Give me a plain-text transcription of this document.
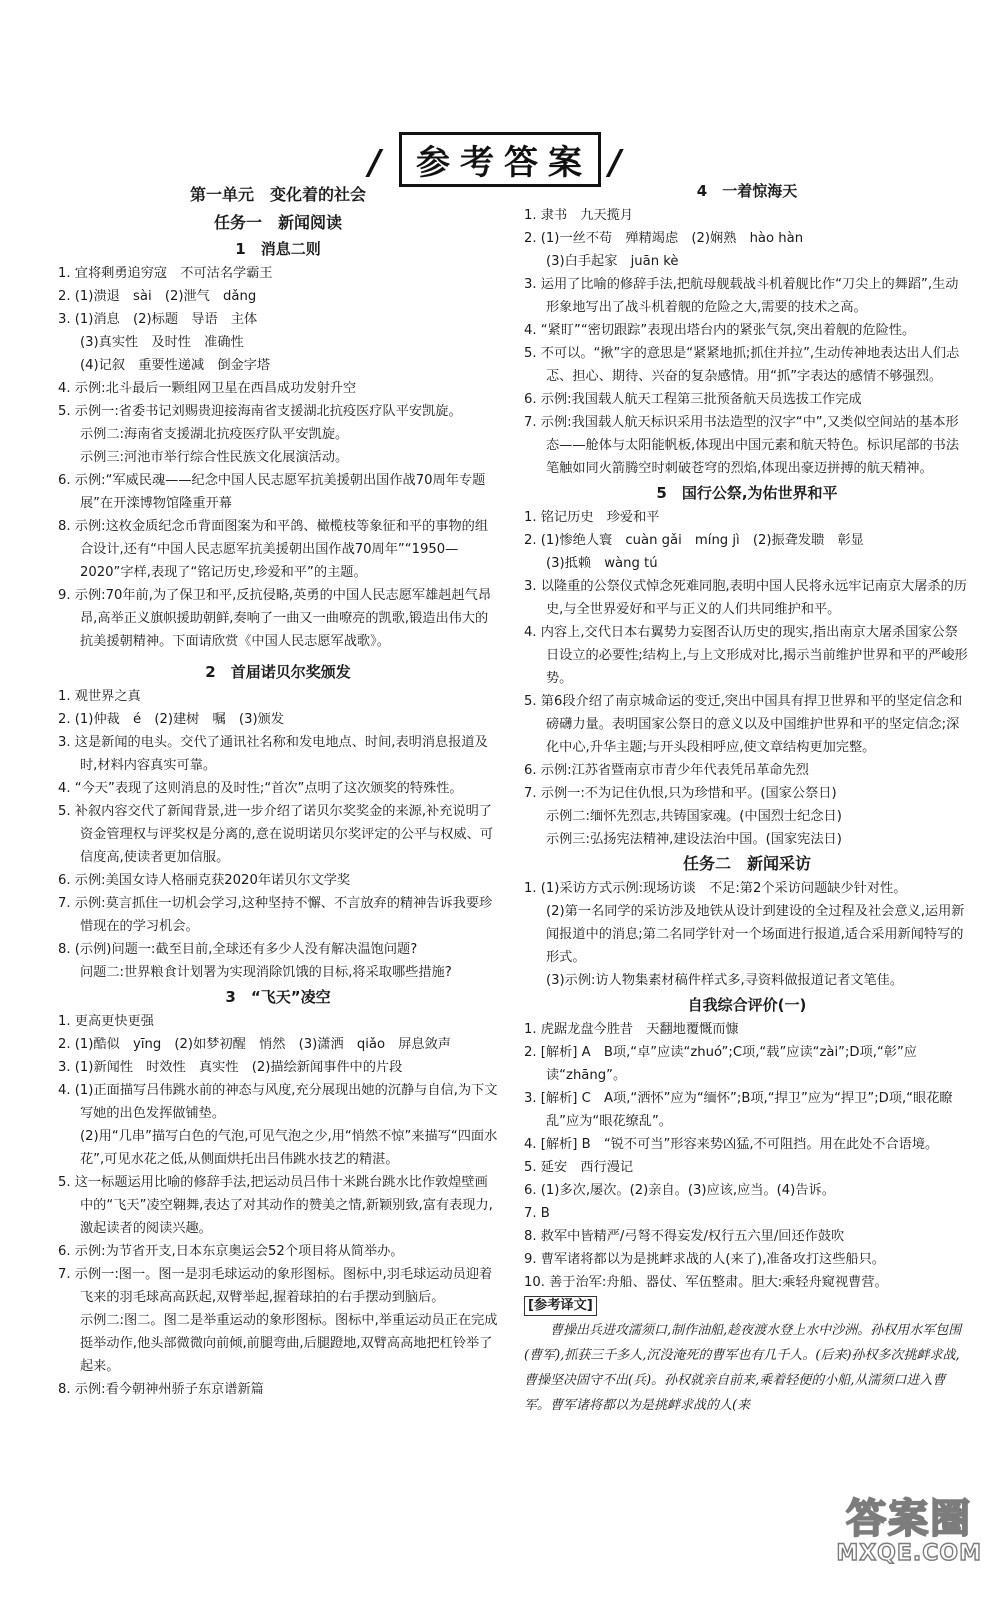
/ 参考答案 /
第一单元　变化着的社会
任务一　新闻阅读
1　消息二则

1. 宜将剩勇追穷寇　不可沽名学霸王

2. (1)溃退　sài　(2)泄气　dǎng

3. (1)消息　(2)标题　导语　主体

(3)真实性　及时性　准确性

(4)记叙　重要性递减　倒金字塔

4. 示例:北斗最后一颗组网卫星在西昌成功发射升空

5. 示例一:省委书记刘赐贵迎接海南省支援湖北抗疫医疗队平安凯旋。

示例二:海南省支援湖北抗疫医疗队平安凯旋。

示例三:河池市举行综合性民族文化展演活动。

6. 示例:“军威民魂——纪念中国人民志愿军抗美援朝出国作战70周年专题展”在开滦博物馆隆重开幕

8. 示例:这枚金质纪念币背面图案为和平鸽、橄榄枝等象征和平的事物的组合设计,还有“中国人民志愿军抗美援朝出国作战70周年”“1950—2020”字样,表现了“铭记历史,珍爱和平”的主题。

9. 示例:70年前,为了保卫和平,反抗侵略,英勇的中国人民志愿军雄赳赳气昂昂,高举正义旗帜援助朝鲜,奏响了一曲又一曲嘹亮的凯歌,锻造出伟大的抗美援朝精神。下面请欣赏《中国人民志愿军战歌》。

2　首届诺贝尔奖颁发

1. 观世界之真

2. (1)仲裁　é　(2)建树　嘱　(3)颁发

3. 这是新闻的电头。交代了通讯社名称和发电地点、时间,表明消息报道及时,材料内容真实可靠。

4. “今天”表现了这则消息的及时性;“首次”点明了这次颁奖的特殊性。

5. 补叙内容交代了新闻背景,进一步介绍了诺贝尔奖奖金的来源,补充说明了资金管理权与评奖权是分离的,意在说明诺贝尔奖评定的公平与权威、可信度高,使读者更加信服。

6. 示例:美国女诗人格丽克获2020年诺贝尔文学奖

7. 示例:莫言抓住一切机会学习,这种坚持不懈、不言放弃的精神告诉我要珍惜现在的学习机会。

8. (示例)问题一:截至目前,全球还有多少人没有解决温饱问题?

问题二:世界粮食计划署为实现消除饥饿的目标,将采取哪些措施?

3　“飞天”凌空

1. 更高更快更强

2. (1)酷似　yīng　(2)如梦初醒　悄然　(3)潇洒　qiǎo　屏息敛声

3. (1)新闻性　时效性　真实性　(2)描绘新闻事件中的片段

4. (1)正面描写吕伟跳水前的神态与风度,充分展现出她的沉静与自信,为下文写她的出色发挥做铺垫。

(2)用“几串”描写白色的气泡,可见气泡之少,用“悄然不惊”来描写“四面水花”,可见水花之低,从侧面烘托出吕伟跳水技艺的精湛。

5. 这一标题运用比喻的修辞手法,把运动员吕伟十米跳台跳水比作敦煌壁画中的“飞天”凌空翱舞,表达了对其动作的赞美之情,新颖别致,富有表现力,激起读者的阅读兴趣。

6. 示例:为节省开支,日本东京奥运会52个项目将从简举办。

7. 示例一:图一。图一是羽毛球运动的象形图标。图标中,羽毛球运动员迎着飞来的羽毛球高高跃起,双臂举起,握着球拍的右手摆动到脑后。

示例二:图二。图二是举重运动的象形图标。图标中,举重运动员正在完成挺举动作,他头部微微向前倾,前腿弯曲,后腿蹬地,双臂高高地把杠铃举了起来。

8. 示例:看今朝神州骄子东京谱新篇

4　一着惊海天

1. 隶书　九天揽月

2. (1)一丝不苟　殚精竭虑　(2)娴熟　hào hàn

(3)白手起家　juān kè

3. 运用了比喻的修辞手法,把航母舰载战斗机着舰比作“刀尖上的舞蹈”,生动形象地写出了战斗机着舰的危险之大,需要的技术之高。

4. “紧盯”“密切跟踪”表现出塔台内的紧张气氛,突出着舰的危险性。

5. 不可以。“揪”字的意思是“紧紧地抓;抓住并拉”,生动传神地表达出人们忐忑、担心、期待、兴奋的复杂感情。用“抓”字表达的感情不够强烈。

6. 示例:我国载人航天工程第三批预备航天员选拔工作完成

7. 示例:我国载人航天标识采用书法造型的汉字“中”,又类似空间站的基本形态——舱体与太阳能帆板,体现出中国元素和航天特色。标识尾部的书法笔触如同火箭腾空时刺破苍穹的烈焰,体现出豪迈拼搏的航天精神。

5　国行公祭,为佑世界和平

1. 铭记历史　珍爱和平

2. (1)惨绝人寰　cuàn gǎi　míng jì　(2)振聋发聩　彰显

(3)抵赖　wàng tú

3. 以隆重的公祭仪式悼念死难同胞,表明中国人民将永远牢记南京大屠杀的历史,与全世界爱好和平与正义的人们共同维护和平。

4. 内容上,交代日本右翼势力妄图否认历史的现实,指出南京大屠杀国家公祭日设立的必要性;结构上,与上文形成对比,揭示当前维护世界和平的严峻形势。

5. 第6段介绍了南京城命运的变迁,突出中国具有捍卫世界和平的坚定信念和磅礴力量。表明国家公祭日的意义以及中国维护世界和平的坚定信念;深化中心,升华主题;与开头段相呼应,使文章结构更加完整。

6. 示例:江苏省暨南京市青少年代表凭吊革命先烈

7. 示例一:不为记住仇恨,只为珍惜和平。(国家公祭日)

示例二:缅怀先烈志,共铸国家魂。(中国烈士纪念日)

示例三:弘扬宪法精神,建设法治中国。(国家宪法日)

任务二　新闻采访

1. (1)采访方式示例:现场访谈　不足:第2个采访问题缺少针对性。

(2)第一名同学的采访涉及地铁从设计到建设的全过程及社会意义,运用新闻报道中的消息;第二名同学针对一个场面进行报道,适合采用新闻特写的形式。

(3)示例:访人物集素材稿件样式多,寻资料做报道记者文笔佳。

自我综合评价(一)

1. 虎踞龙盘今胜昔　天翻地覆慨而慷

2. [解析] A　B项,“卓”应读“zhuó”;C项,“载”应读“zài”;D项,“彰”应读“zhāng”。

3. [解析] C　A项,“洒怀”应为“缅怀”;B项,“捍卫”应为“捍卫”;D项,“眼花瞭乱”应为“眼花缭乱”。

4. [解析] B　“锐不可当”形容来势凶猛,不可阻挡。用在此处不合语境。

5. 延安　西行漫记

6. (1)多次,屡次。(2)亲自。(3)应该,应当。(4)告诉。

7. B

8. 救军中皆精严/弓弩不得妄发/权行五六里/回还作鼓吹

9. 曹军诸将都以为是挑衅求战的人(来了),准备攻打这些船只。

10. 善于治军:舟船、器仗、军伍整肃。胆大:乘轻舟窥视曹营。

[参考译文]

曹操出兵进攻濡须口,制作油船,趁夜渡水登上水中沙洲。孙权用水军包围(曹军),抓获三千多人,沉没淹死的曹军也有几千人。(后来)孙权多次挑衅求战,曹操坚决固守不出(兵)。孙权就亲自前来,乘着轻便的小船,从濡须口进入曹军。曹军诸将都以为是挑衅求战的人(来

答案圈
MXQE.COM
